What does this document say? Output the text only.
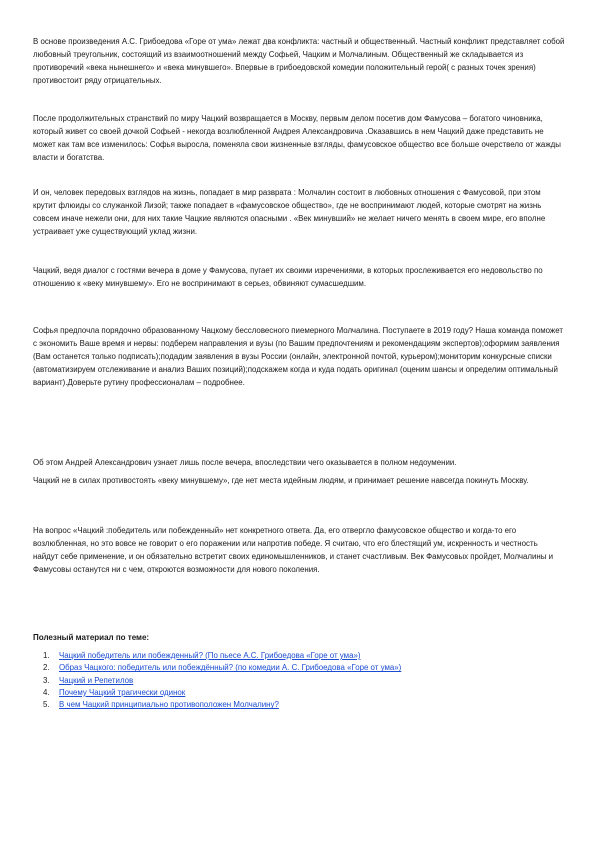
В основе произведения А.С. Грибоедова «Горе от ума» лежат два конфликта: частный и общественный. Частный конфликт представляет собой любовный треугольник, состоящий из взаимоотношений между Софьей, Чацким и Молчалиным. Общественный же складывается из противоречий «века нынешнего» и «века минувшего». Впервые в грибоедовской комедии положительный герой( с разных точек зрения) противостоит ряду отрицательных.

После продолжительных странствий по миру Чацкий возвращается в Москву, первым делом посетив дом Фамусова – богатого чиновника, который живет со своей дочкой Софьей - некогда возлюбленной Андрея Александровича .Оказавшись в нем Чацкий даже представить не может как там все изменилось: Софья выросла, поменяла свои жизненные взгляды, фамусовское общество все больше очерствело от жажды власти и богатства.

И он, человек передовых взглядов на жизнь, попадает в мир разврата : Молчалин состоит в любовных отношения с Фамусовой, при этом крутит флюиды со служанкой Лизой; также попадает в «фамусовское общество», где не воспринимают людей, которые смотрят на жизнь совсем иначе нежели они, для них такие Чацкие являются опасными . «Век минувший» не желает ничего менять в своем мире, его вполне устраивает уже существующий уклад жизни.

Чацкий, ведя диалог с гостями вечера в доме у Фамусова, пугает их своими изречениями, в которых прослеживается его недовольство по отношению к «веку минувшему». Его не воспринимают в серьез, обвиняют сумасшедшим.

Софья предпочла порядочно образованному Чацкому бессловесного пиемерного Молчалина. Поступаете в 2019 году? Наша команда поможет с экономить Ваше время и нервы: подберем направления и вузы (по Вашим предпочтениям и рекомендациям экспертов);оформим заявления (Вам останется только подписать);подадим заявления в вузы России (онлайн, электронной почтой, курьером);мониторим конкурсные списки (автоматизируем отслеживание и анализ Ваших позиций);подскажем когда и куда подать оригинал (оценим шансы и определим оптимальный вариант).Доверьте рутину профессионалам – подробнее.

Об этом Андрей Александрович узнает лишь после вечера, впоследствии чего оказывается в полном недоумении.

Чацкий не в силах противостоять «веку минувшему», где нет места идейным людям, и принимает решение навсегда покинуть Москву.

На вопрос «Чацкий :победитель или побежденный» нет конкретного ответа. Да, его отвергло фамусовское общество и когда-то его возлюбленная, но это вовсе не говорит о его поражении или напротив победе. Я считаю, что его блестящий ум, искренность и честность найдут себе применение, и он обязательно встретит своих единомышленников, и станет счастливым. Век Фамусовых пройдет, Молчалины и Фамусовы останутся ни с чем, откроются возможности для нового поколения.

Полезный материал по теме:
1.	Чацкий победитель или побежденный? (По пьесе А.С. Грибоедова «Горе от ума»)
2.	Образ Чацкого: победитель или побеждённый? (по комедии А. С. Грибоедова «Горе от ума»)
3.	Чацкий и Репетилов
4.	Почему Чацкий трагически одинок
5.	В чем Чацкий принципиально противоположен Молчалину?
